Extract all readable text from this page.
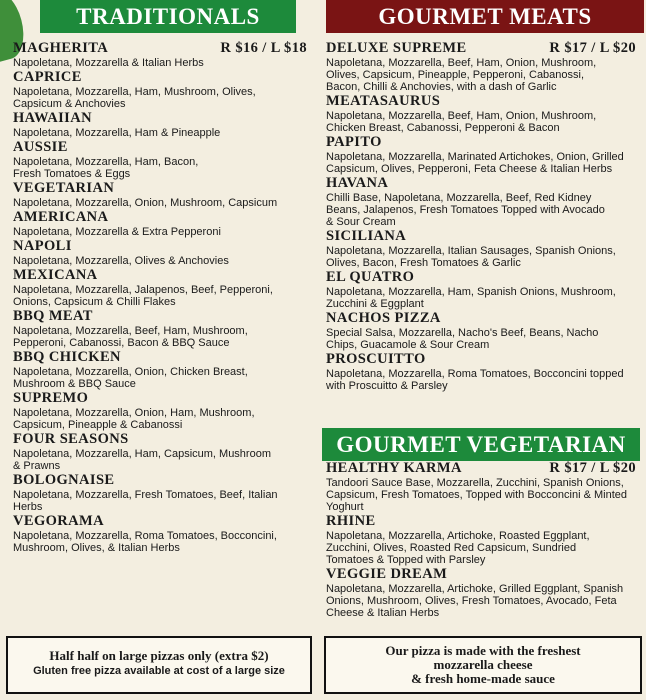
TRADITIONALS
MAGHERITA	R $16 / L $18
Napoletana, Mozzarella & Italian Herbs
CAPRICE
Napoletana, Mozzarella, Ham, Mushroom, Olives,
Capsicum & Anchovies
HAWAIIAN
Napoletana, Mozzarella, Ham & Pineapple
AUSSIE
Napoletana, Mozzarella, Ham, Bacon,
Fresh Tomatoes & Eggs
VEGETARIAN
Napoletana, Mozzarella, Onion, Mushroom, Capsicum
AMERICANA
Napoletana, Mozzarella & Extra Pepperoni
NAPOLI
Napoletana, Mozzarella, Olives & Anchovies
MEXICANA
Napoletana, Mozzarella, Jalapenos, Beef, Pepperoni,
Onions, Capsicum & Chilli Flakes
BBQ MEAT
Napoletana, Mozzarella, Beef, Ham, Mushroom,
Pepperoni, Cabanossi, Bacon & BBQ Sauce
BBQ CHICKEN
Napoletana, Mozzarella, Onion, Chicken Breast,
Mushroom & BBQ Sauce
SUPREMO
Napoletana, Mozzarella, Onion, Ham, Mushroom,
Capsicum, Pineapple & Cabanossi
FOUR SEASONS
Napoletana, Mozzarella, Ham, Capsicum, Mushroom
& Prawns
BOLOGNAISE
Napoletana, Mozzarella, Fresh Tomatoes, Beef, Italian
Herbs
VEGORAMA
Napoletana, Mozzarella, Roma Tomatoes, Bocconcini,
Mushroom, Olives, & Italian Herbs
Half half on large pizzas only (extra $2)
Gluten free pizza available at cost of a large size
GOURMET MEATS
DELUXE SUPREME	R $17 / L $20
Napoletana, Mozzarella, Beef, Ham, Onion, Mushroom,
Olives, Capsicum, Pineapple, Pepperoni, Cabanossi,
Bacon, Chilli & Anchovies, with a dash of Garlic
MEATASAURUS
Napoletana, Mozzarella, Beef, Ham, Onion, Mushroom,
Chicken Breast, Cabanossi, Pepperoni & Bacon
PAPITO
Napoletana, Mozzarella, Marinated Artichokes, Onion, Grilled
Capsicum, Olives, Pepperoni, Feta Cheese & Italian Herbs
HAVANA
Chilli Base, Napoletana, Mozzarella, Beef, Red Kidney
Beans, Jalapenos, Fresh Tomatoes Topped with Avocado
& Sour Cream
SICILIANA
Napoletana, Mozzarella, Italian Sausages, Spanish Onions,
Olives, Bacon, Fresh Tomatoes & Garlic
EL QUATRO
Napoletana, Mozzarella, Ham, Spanish Onions, Mushroom,
Zucchini & Eggplant
NACHOS PIZZA
Special Salsa, Mozzarella, Nacho's Beef, Beans, Nacho
Chips, Guacamole & Sour Cream
PROSCUITTO
Napoletana, Mozzarella, Roma Tomatoes, Bocconcini topped
with Proscuitto & Parsley
GOURMET VEGETARIAN
HEALTHY KARMA	R $17 / L $20
Tandoori Sauce Base, Mozzarella, Zucchini, Spanish Onions,
Capsicum, Fresh Tomatoes, Topped with Bocconcini & Minted
Yoghurt
RHINE
Napoletana, Mozzarella, Artichoke, Roasted Eggplant,
Zucchini, Olives, Roasted Red Capsicum, Sundried
Tomatoes & Topped with Parsley
VEGGIE DREAM
Napoletana, Mozzarella, Artichoke, Grilled Eggplant, Spanish
Onions, Mushroom, Olives, Fresh Tomatoes, Avocado, Feta
Cheese & Italian Herbs
Our pizza is made with the freshest
mozzarella cheese
& fresh home-made sauce
